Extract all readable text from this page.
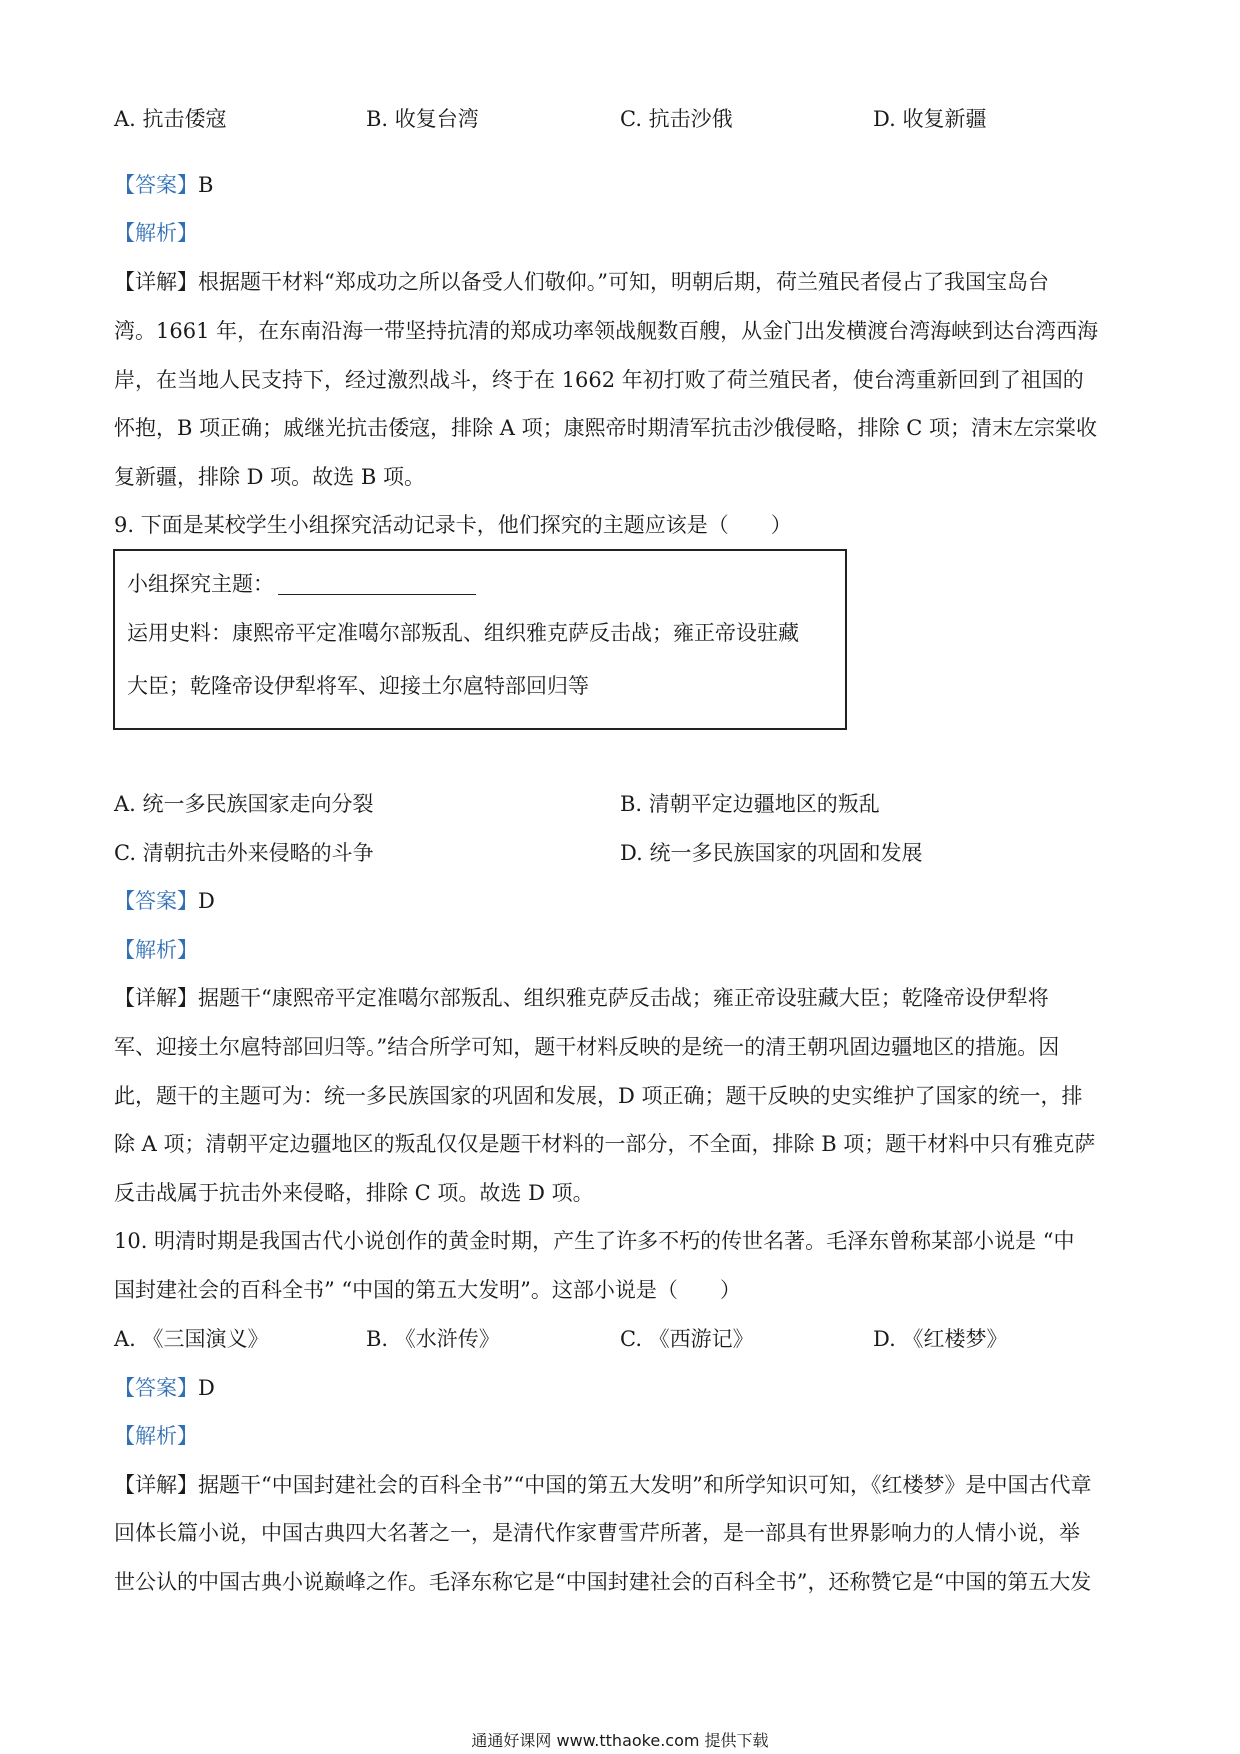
A. 抗击倭寇	B. 收复台湾	C. 抗击沙俄	D. 收复新疆
【答案】B
【解析】
【详解】根据题干材料“郑成功之所以备受人们敬仰。”可知，明朝后期，荷兰殖民者侵占了我国宝岛台
湾。1661 年，在东南沿海一带坚持抗清的郑成功率领战舰数百艘，从金门出发横渡台湾海峡到达台湾西海
岸，在当地人民支持下，经过激烈战斗，终于在 1662 年初打败了荷兰殖民者，使台湾重新回到了祖国的
怀抱，B 项正确；戚继光抗击倭寇，排除 A 项；康熙帝时期清军抗击沙俄侵略，排除 C 项；清末左宗棠收
复新疆，排除 D 项。故选 B 项。
9. 下面是某校学生小组探究活动记录卡，他们探究的主题应该是（　　）
小组探究主题：
运用史料：康熙帝平定准噶尔部叛乱、组织雅克萨反击战；雍正帝设驻藏
大臣；乾隆帝设伊犁将军、迎接土尔扈特部回归等
A. 统一多民族国家走向分裂	B. 清朝平定边疆地区的叛乱
C. 清朝抗击外来侵略的斗争	D. 统一多民族国家的巩固和发展
【答案】D
【解析】
【详解】据题干“康熙帝平定准噶尔部叛乱、组织雅克萨反击战；雍正帝设驻藏大臣；乾隆帝设伊犁将
军、迎接土尔扈特部回归等。”结合所学可知，题干材料反映的是统一的清王朝巩固边疆地区的措施。因
此，题干的主题可为：统一多民族国家的巩固和发展，D 项正确；题干反映的史实维护了国家的统一，排
除 A 项；清朝平定边疆地区的叛乱仅仅是题干材料的一部分，不全面，排除 B 项；题干材料中只有雅克萨
反击战属于抗击外来侵略，排除 C 项。故选 D 项。
10. 明清时期是我国古代小说创作的黄金时期，产生了许多不朽的传世名著。毛泽东曾称某部小说是 “中
国封建社会的百科全书” “中国的第五大发明”。这部小说是（　　）
A. 《三国演义》	B. 《水浒传》	C. 《西游记》	D. 《红楼梦》
【答案】D
【解析】
【详解】据题干“中国封建社会的百科全书”“中国的第五大发明”和所学知识可知，《红楼梦》是中国古代章
回体长篇小说，中国古典四大名著之一，是清代作家曹雪芹所著，是一部具有世界影响力的人情小说，举
世公认的中国古典小说巅峰之作。毛泽东称它是“中国封建社会的百科全书”，还称赞它是“中国的第五大发
通通好课网 www.tthaoke.com 提供下载
